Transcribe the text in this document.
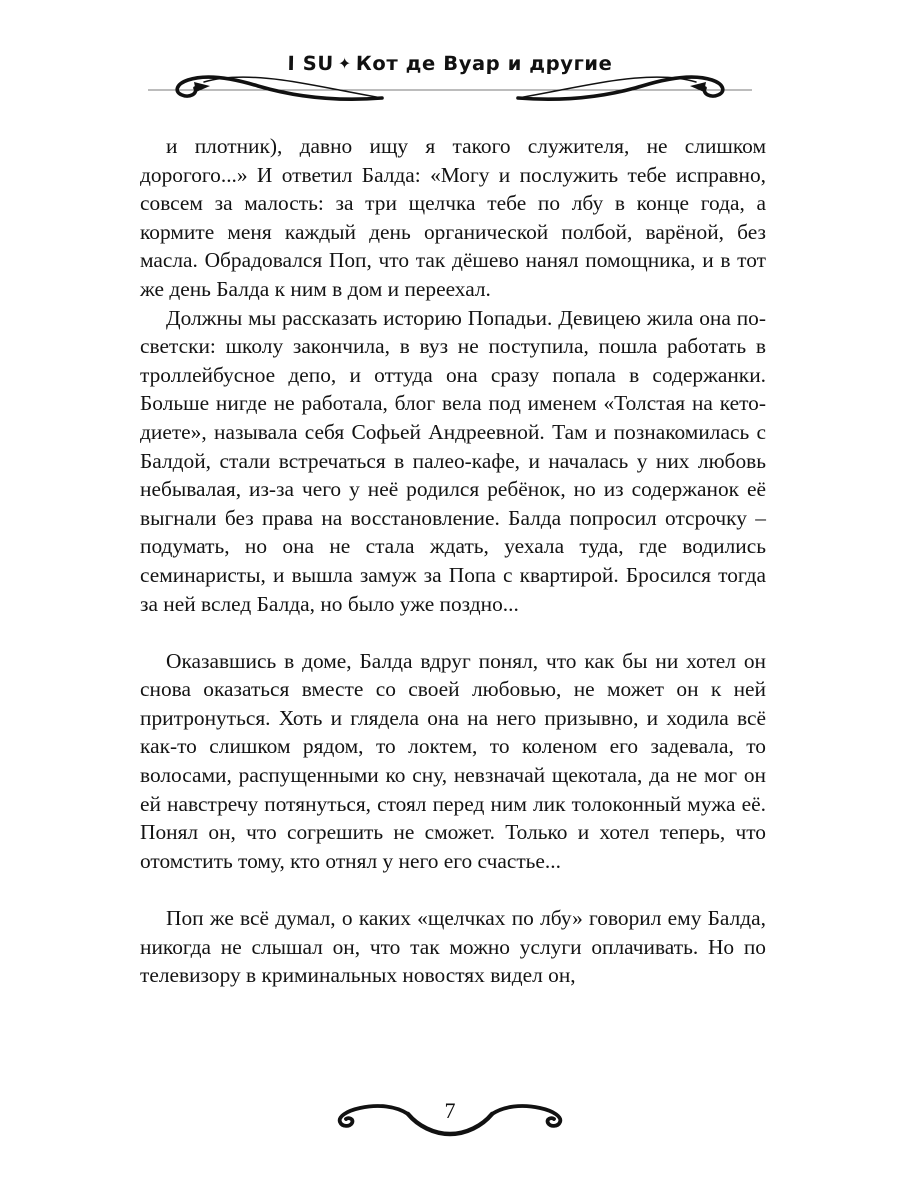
I SU ✦ Кот де Вуар и другие

и плотник), давно ищу я такого служителя, не слишком дорогого...» И ответил Балда: «Могу и послужить тебе исправно, совсем за малость: за три щелчка тебе по лбу в конце года, а кормите меня каждый день органической полбой, варёной, без масла. Обрадовался Поп, что так дёшево нанял помощника, и в тот же день Балда к ним в дом и переехал.

Должны мы рассказать историю Попадьи. Девицею жила она по-светски: школу закончила, в вуз не поступила, пошла работать в троллейбусное депо, и оттуда она сразу попала в содержанки. Больше нигде не работала, блог вела под именем «Толстая на кето-диете», называла себя Софьей Андреевной. Там и познакомилась с Балдой, стали встречаться в палео-кафе, и началась у них любовь небывалая, из-за чего у неё родился ребёнок, но из содержанок её выгнали без права на восстановление. Балда попросил отсрочку – подумать, но она не стала ждать, уехала туда, где водились семинаристы, и вышла замуж за Попа с квартирой. Бросился тогда за ней вслед Балда, но было уже поздно...

Оказавшись в доме, Балда вдруг понял, что как бы ни хотел он снова оказаться вместе со своей любовью, не может он к ней притронуться. Хоть и глядела она на него призывно, и ходила всё как-то слишком рядом, то локтем, то коленом его задевала, то волосами, распущенными ко сну, невзначай щекотала, да не мог он ей навстречу потянуться, стоял перед ним лик толоконный мужа её. Понял он, что согрешить не сможет. Только и хотел теперь, что отомстить тому, кто отнял у него его счастье...

Поп же всё думал, о каких «щелчках по лбу» говорил ему Балда, никогда не слышал он, что так можно услуги оплачивать. Но по телевизору в криминальных новостях видел он,

7
